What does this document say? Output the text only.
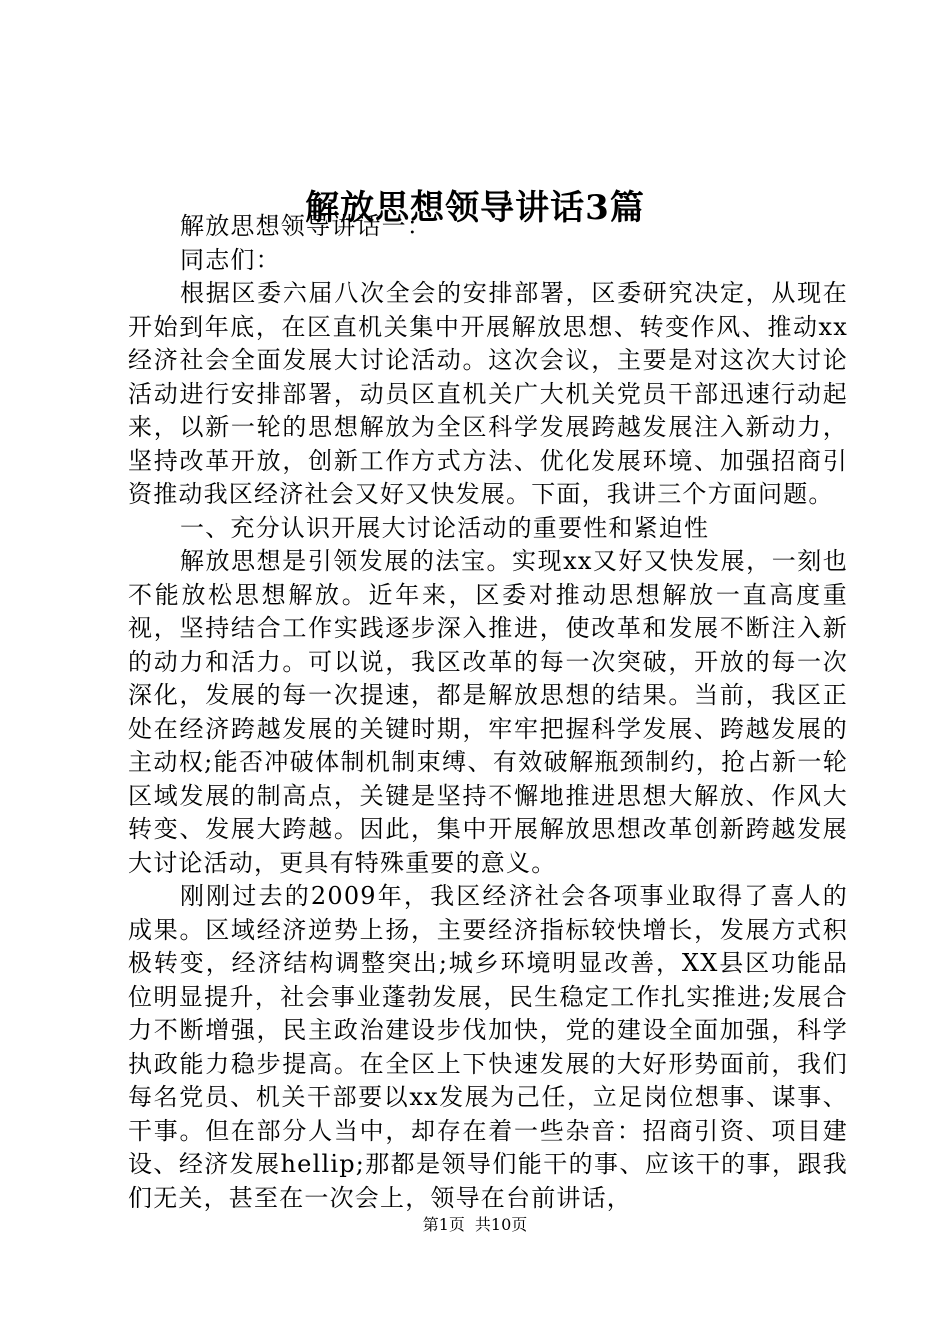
解放思想领导讲话3篇

解放思想领导讲话一：

同志们：

根据区委六届八次全会的安排部署，区委研究决定，从现在开始到年底，在区直机关集中开展解放思想、转变作风、推动xx经济社会全面发展大讨论活动。这次会议，主要是对这次大讨论活动进行安排部署，动员区直机关广大机关党员干部迅速行动起来，以新一轮的思想解放为全区科学发展跨越发展注入新动力，坚持改革开放，创新工作方式方法、优化发展环境、加强招商引资推动我区经济社会又好又快发展。下面，我讲三个方面问题。

一、充分认识开展大讨论活动的重要性和紧迫性

解放思想是引领发展的法宝。实现xx又好又快发展，一刻也不能放松思想解放。近年来，区委对推动思想解放一直高度重视，坚持结合工作实践逐步深入推进，使改革和发展不断注入新的动力和活力。可以说，我区改革的每一次突破，开放的每一次深化，发展的每一次提速，都是解放思想的结果。当前，我区正处在经济跨越发展的关键时期，牢牢把握科学发展、跨越发展的主动权;能否冲破体制机制束缚、有效破解瓶颈制约，抢占新一轮区域发展的制高点，关键是坚持不懈地推进思想大解放、作风大转变、发展大跨越。因此，集中开展解放思想改革创新跨越发展大讨论活动，更具有特殊重要的意义。

刚刚过去的2009年，我区经济社会各项事业取得了喜人的成果。区域经济逆势上扬，主要经济指标较快增长，发展方式积极转变，经济结构调整突出;城乡环境明显改善，XX县区功能品位明显提升，社会事业蓬勃发展，民生稳定工作扎实推进;发展合力不断增强，民主政治建设步伐加快，党的建设全面加强，科学执政能力稳步提高。在全区上下快速发展的大好形势面前，我们每名党员、机关干部要以xx发展为己任，立足岗位想事、谋事、干事。但在部分人当中，却存在着一些杂音：招商引资、项目建设、经济发展hellip;那都是领导们能干的事、应该干的事，跟我们无关，甚至在一次会上，领导在台前讲话，

第1页 共10页
